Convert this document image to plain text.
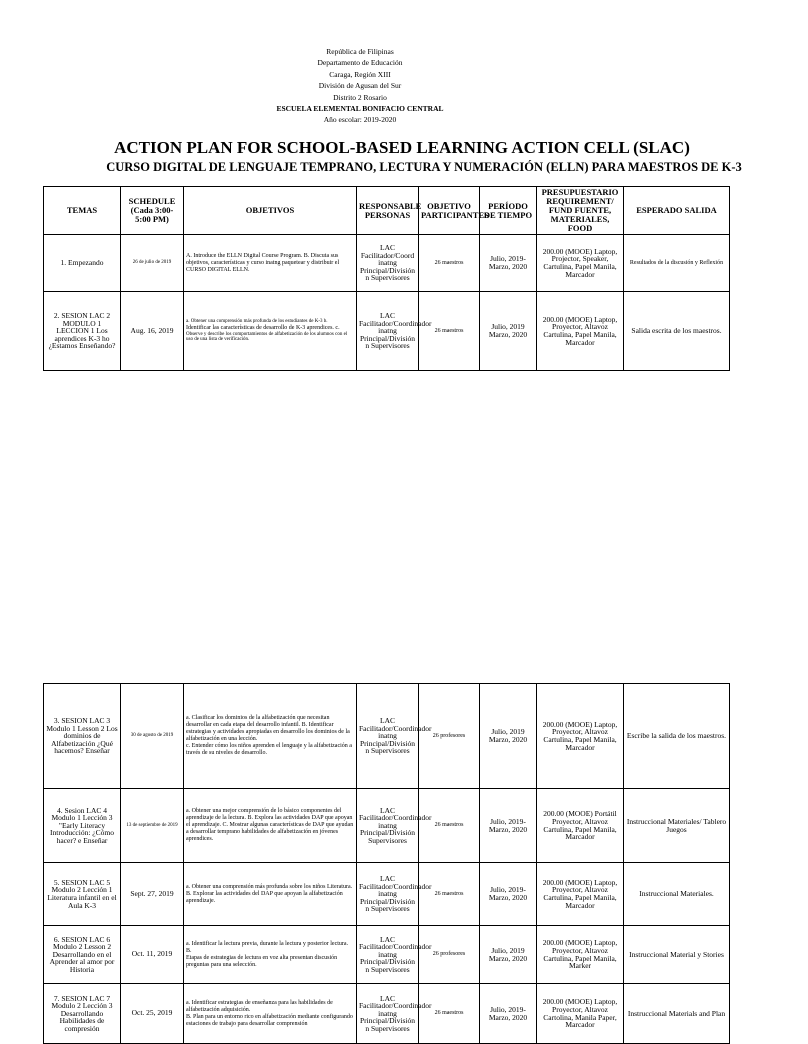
República de Filipinas
Departamento de Educación
Caraga, Región XIII
División de Agusan del Sur
Distrito 2 Rosario
ESCUELA ELEMENTAL BONIFACIO CENTRAL
Año escolar: 2019-2020
ACTION PLAN FOR SCHOOL-BASED LEARNING ACTION CELL (SLAC)
CURSO DIGITAL DE LENGUAJE TEMPRANO, LECTURA Y NUMERACIÓN (ELLN) PARA MAESTROS DE K-3
TEMAS	SCHEDULE (Cada 3:00-5:00 PM)	OBJETIVOS	RESPONSABLE PERSONAS	OBJETIVO PARTICIPANTES	PERÍODO DE TIEMPO	PRESUPUESTARIO REQUIREMENT/ FUND FUENTE, MATERIALES, FOOD	ESPERADO SALIDA
1. Empezando	26 de julio de 2019	A. Introduce the ELLN Digital Course Program. B. Discuta sus objetivos, características y curso inatng paquetear y distribuir el CURSO DIGITAL ELLN.	LAC Facilitador/Coord inatng Principal/División n Supervisores	26 maestros	Julio, 2019-Marzo, 2020	200.00 (MOOE) Laptop, Projector, Speaker, Cartulina, Papel Manila, Marcador	Resultados de la discusión y Reflexión
2. SESION LAC 2 MODULO 1 LECCION 1 Los aprendices K-3 ho ¿Estamos Enseñando?	Aug. 16, 2019	a. Obtener una comprensión más profunda de los estudiantes de K-3 b.
Identificar las características de desarrollo de K-3 aprendices. c.
Observe y describe los comportamientos de alfabetización de los alumnos con el uso de una lista de verificación.	LAC Facilitador/Coordinador inatng Principal/División n Supervisores	26 maestros	Julio, 2019 Marzo, 2020	200.00 (MOOE) Laptop, Proyector, Altavoz Cartulina, Papel Manila, Marcador	Salida escrita de los maestros.
3. SESION LAC 3 Modulo 1 Lesson 2 Los dominios de Alfabetización ¿Qué hacemos? Enseñar	30 de agosto de 2019	a. Clasificar los dominios de la alfabetización que necesitan desarrollar en cada etapa del desarrollo infantil. B. Identificar estrategias y actividades apropiadas en desarrollo los dominios de la alfabetización en una lección.
c. Entender cómo los niños aprenden el lenguaje y la alfabetización a través de su niveles de desarrollo.	LAC Facilitador/Coordinador inatng Principal/División n Supervisores	26 profesores	Julio, 2019 Marzo, 2020	200.00 (MOOE) Laptop, Proyector, Altavoz Cartulina, Papel Manila, Marcador	Escribe la salida de los maestros.
4. Sesion LAC 4 Modulo 1 Lección 3 "Early Literacy Introducción: ¿Cómo hacer? e Enseñar	13 de septiembre de 2019	a. Obtener una mejor comprensión de lo básico componentes del aprendizaje de la lectura. B. Explora las actividades DAP que apoyan el aprendizaje. C. Mostrar algunas características de DAP que ayudan a desarrollar temprano habilidades de alfabetización en jóvenes aprendices.	LAC Facilitador/Coordinador inatng Principal/División Supervisores	26 maestros	Julio, 2019-Marzo, 2020	200.00 (MOOE) Portátil Proyector, Altavoz Cartulina, Papel Manila, Marcador	Instruccional Materiales/ Tablero Juegos
5. SESION LAC 5 Modulo 2 Lección 1 Literatura infantil en el Aula K-3	Sept. 27, 2019	a. Obtener una comprensión más profunda sobre los niños Literatura.
B. Explorar las actividades del DAP que apoyan la alfabetización aprendizaje.	LAC Facilitador/Coordinador inatng Principal/División n Supervisores	26 maestros	Julio, 2019-Marzo, 2020	200.00 (MOOE) Laptop, Proyector, Altavoz Cartulina, Papel Manila, Marcador	Instruccional Materiales.
6. SESION LAC 6 Modulo 2 Lesson 2 Desarrollando en el Aprender al amor por Historia	Oct. 11, 2019	a. Identificar la lectura previa, durante la lectura y posterior lectura. B.
Etapas de estrategias de lectura en voz alta presentan discusión preguntas para una selección.	LAC Facilitador/Coordinador inatng Principal/División n Supervisores	26 profesores	Julio, 2019 Marzo, 2020	200.00 (MOOE) Laptop, Proyector, Altavoz Cartulina, Papel Manila, Marker	Instruccional Material y Stories
7. SESION LAC 7 Modulo 2 Lección 3 Desarrollando Habilidades de compresión	Oct. 25, 2019	a. Identificar estrategias de enseñanza para las habilidades de alfabetización adquisición.
B. Plan para un entorno rico en alfabetización mediante configurando estaciones de trabajo para desarrollar comprensión	LAC Facilitador/Coordinador inatng Principal/División n Supervisores	26 maestros	Julio, 2019-Marzo, 2020	200.00 (MOOE) Laptop, Proyector, Altavoz Cartolina, Manila Paper, Marcador	Instruccional Materials and Plan
